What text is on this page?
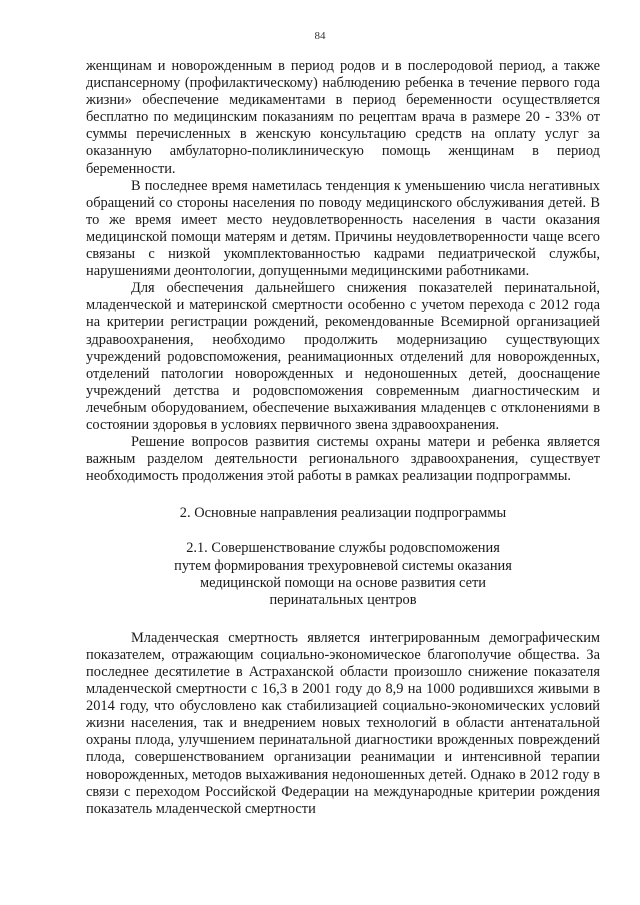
84

женщинам и новорожденным в период родов и в послеродовой период, а также диспансерному (профилактическому) наблюдению ребенка в течение первого года жизни» обеспечение медикаментами в период беременности осуществляется бесплатно по медицинским показаниям по рецептам врача в размере 20 - 33% от суммы перечисленных в женскую консультацию средств на оплату услуг за оказанную амбулаторно-поликлиническую помощь женщинам в период беременности.

В последнее время наметилась тенденция к уменьшению числа негативных обращений со стороны населения по поводу медицинского обслуживания детей. В то же время имеет место неудовлетворенность населения в части оказания медицинской помощи матерям и детям. Причины неудовлетворенности чаще всего связаны с низкой укомплектованностью кадрами педиатрической службы, нарушениями деонтологии, допущенными медицинскими работниками.

Для обеспечения дальнейшего снижения показателей перинатальной, младенческой и материнской смертности особенно с учетом перехода с 2012 года на критерии регистрации рождений, рекомендованные Всемирной организацией здравоохранения, необходимо продолжить модернизацию существующих учреждений родовспоможения, реанимационных отделений для новорожденных, отделений патологии новорожденных и недоношенных детей, дооснащение учреждений детства и родовспоможения современным диагностическим и лечебным оборудованием, обеспечение выхаживания младенцев с отклонениями в состоянии здоровья в условиях первичного звена здравоохранения.

Решение вопросов развития системы охраны матери и ребенка является важным разделом деятельности регионального здравоохранения, существует необходимость продолжения этой работы в рамках реализации подпрограммы.

2. Основные направления реализации подпрограммы

2.1. Совершенствование службы родовспоможения

путем формирования трехуровневой системы оказания

медицинской помощи на основе развития сети

перинатальных центров

Младенческая смертность является интегрированным демографическим показателем, отражающим социально-экономическое благополучие общества. За последнее десятилетие в Астраханской области произошло снижение показателя младенческой смертности с 16,3 в 2001 году до 8,9 на 1000 родившихся живыми в 2014 году, что обусловлено как стабилизацией социально-экономических условий жизни населения, так и внедрением новых технологий в области антенатальной охраны плода, улучшением перинатальной диагностики врожденных повреждений плода, совершенствованием организации реанимации и интенсивной терапии новорожденных, методов выхаживания недоношенных детей. Однако в 2012 году в связи с переходом Российской Федерации на международные критерии рождения показатель младенческой смертности
